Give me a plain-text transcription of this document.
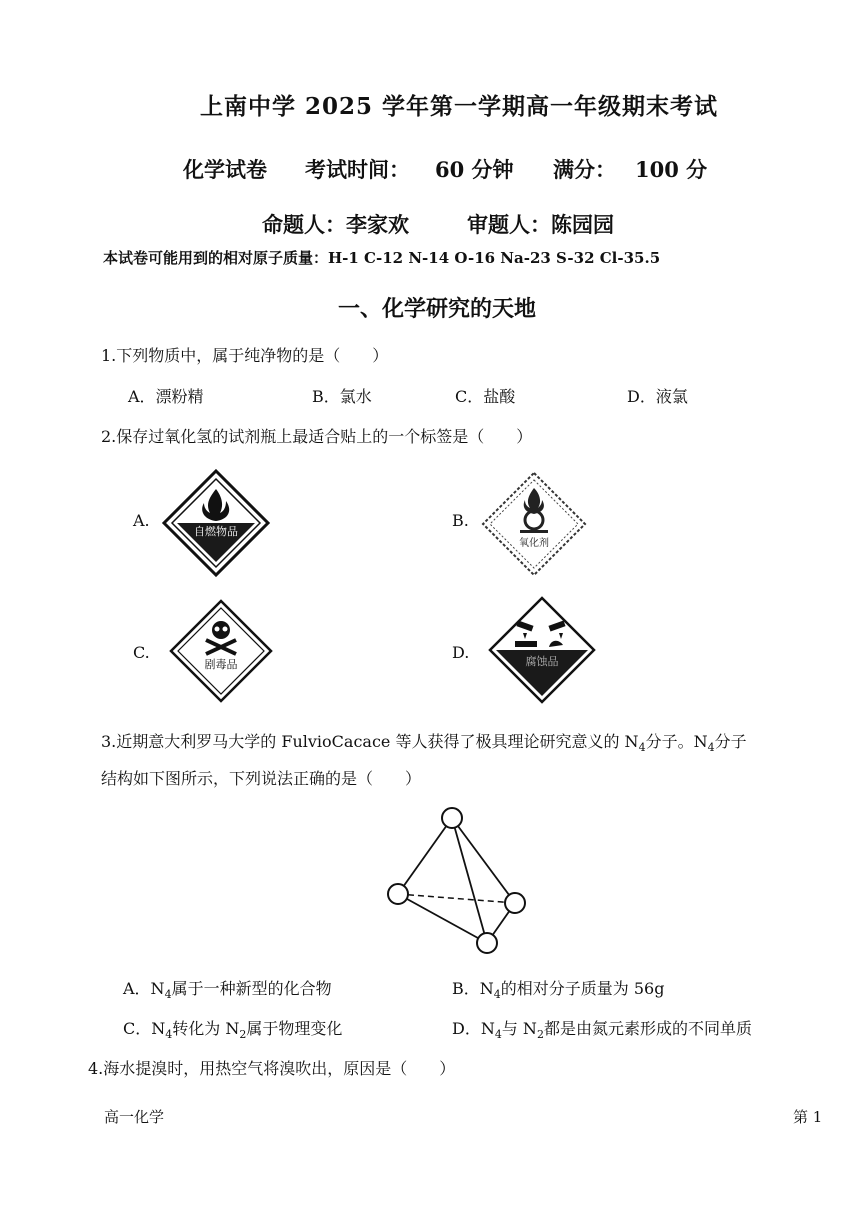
上南中学 2025 学年第一学期高一年级期末考试
化学试卷 考试时间： 60 分钟 满分： 100 分
命题人：李家欢	审题人：陈园园
本试卷可能用到的相对原子质量：H-1 C-12 N-14 O-16 Na-23 S-32 Cl-35.5
一、化学研究的天地
1.下列物质中，属于纯净物的是（　　）
A．漂粉精	B．氯水	C．盐酸	D．液氯
2.保存过氧化氢的试剂瓶上最适合贴上的一个标签是（　　）
A.	B.
C.	D.
自燃物品
氧化剂
剧毒品	腐蚀品
3.近期意大利罗马大学的 FulvioCacace 等人获得了极具理论研究意义的 $N_4$分子。$N_4$分子
结构如下图所示，下列说法正确的是（　　）
A．$N_4$属于一种新型的化合物	B．$N_4$的相对分子质量为 56g
C．$N_4$转化为 $N_2$属于物理变化	D．$N_4$与 $N_2$都是由氮元素形成的不同单质
4.海水提溴时，用热空气将溴吹出，原因是（　　）
高一化学	第 1
